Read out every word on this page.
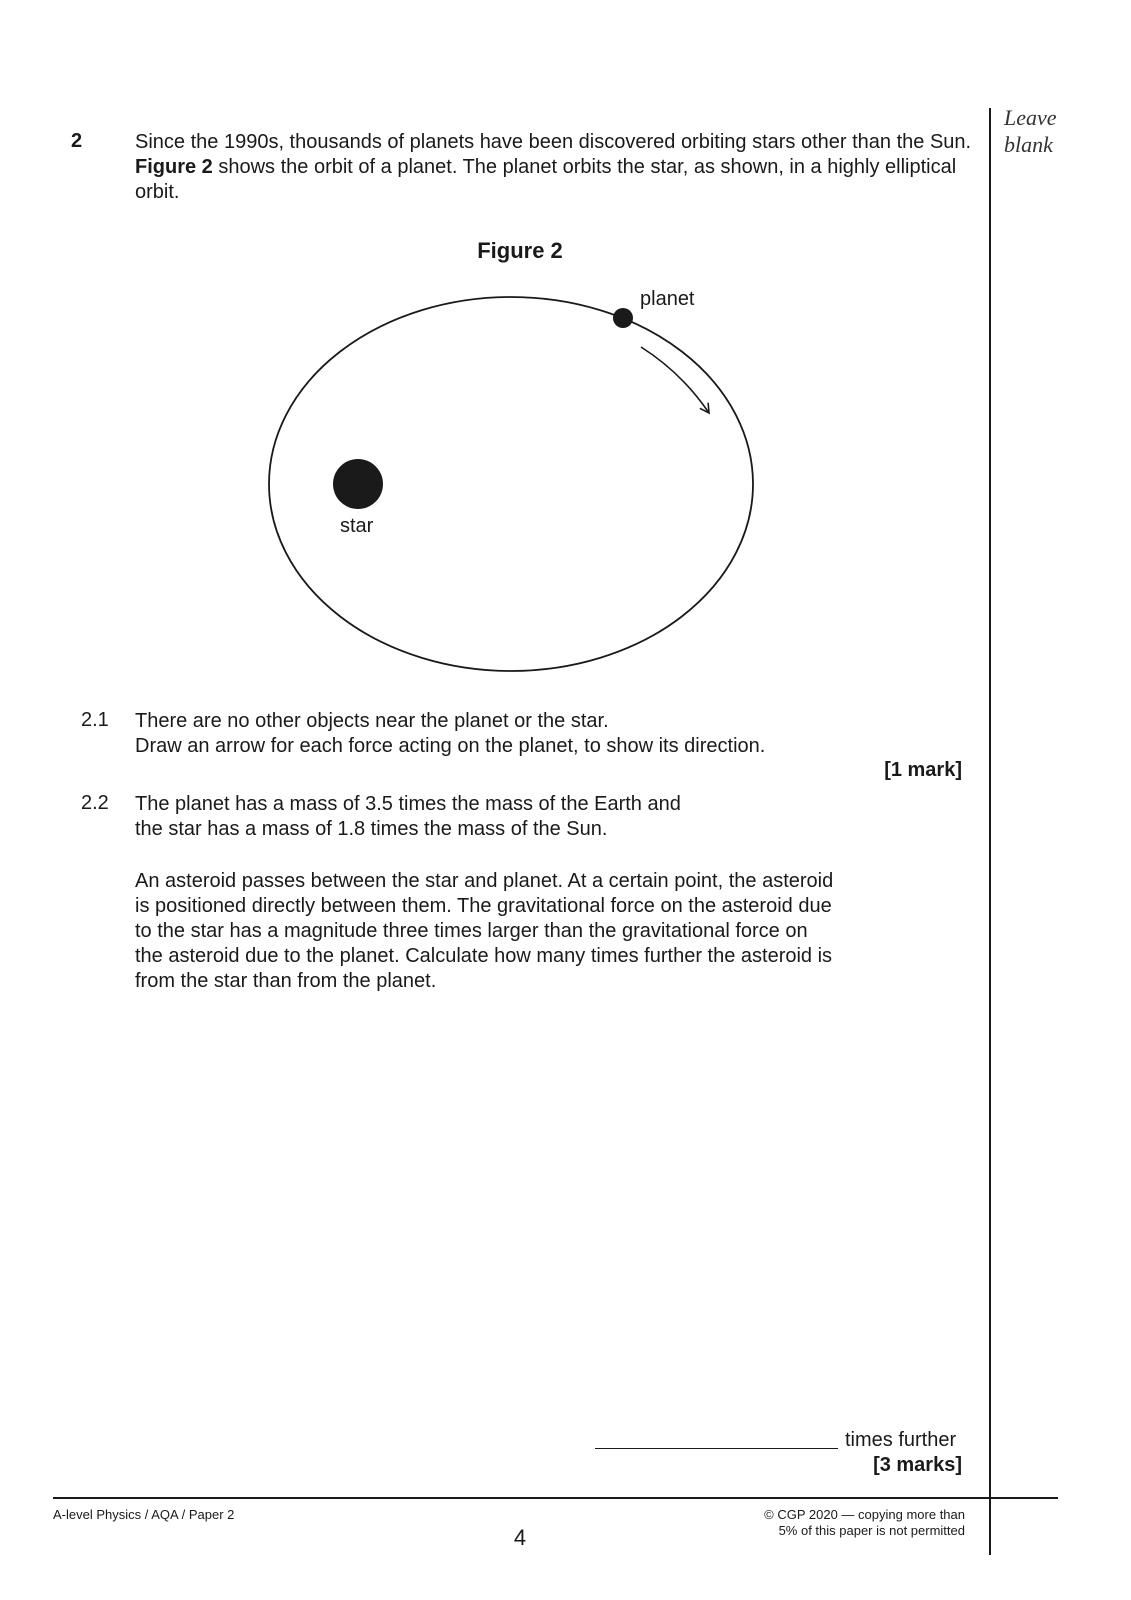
Leave blank
2	Since the 1990s, thousands of planets have been discovered orbiting stars other than the Sun. Figure 2 shows the orbit of a planet. The planet orbits the star, as shown, in a highly elliptical orbit.

Figure 2
planet
star
2.1 There are no other objects near the planet or the star.

Draw an arrow for each force acting on the planet, to show its direction.

[1 mark]
2.2 The planet has a mass of 3.5 times the mass of the Earth and

the star has a mass of 1.8 times the mass of the Sun.

An asteroid passes between the star and planet. At a certain point, the asteroid is positioned directly between them. The gravitational force on the asteroid due to the star has a magnitude three times larger than the gravitational force on the asteroid due to the planet. Calculate how many times further the asteroid is from the star than from the planet.

times further
[3 marks]
A-level Physics / AQA / Paper 2
4
© CGP 2020 — copying more than
5% of this paper is not permitted
